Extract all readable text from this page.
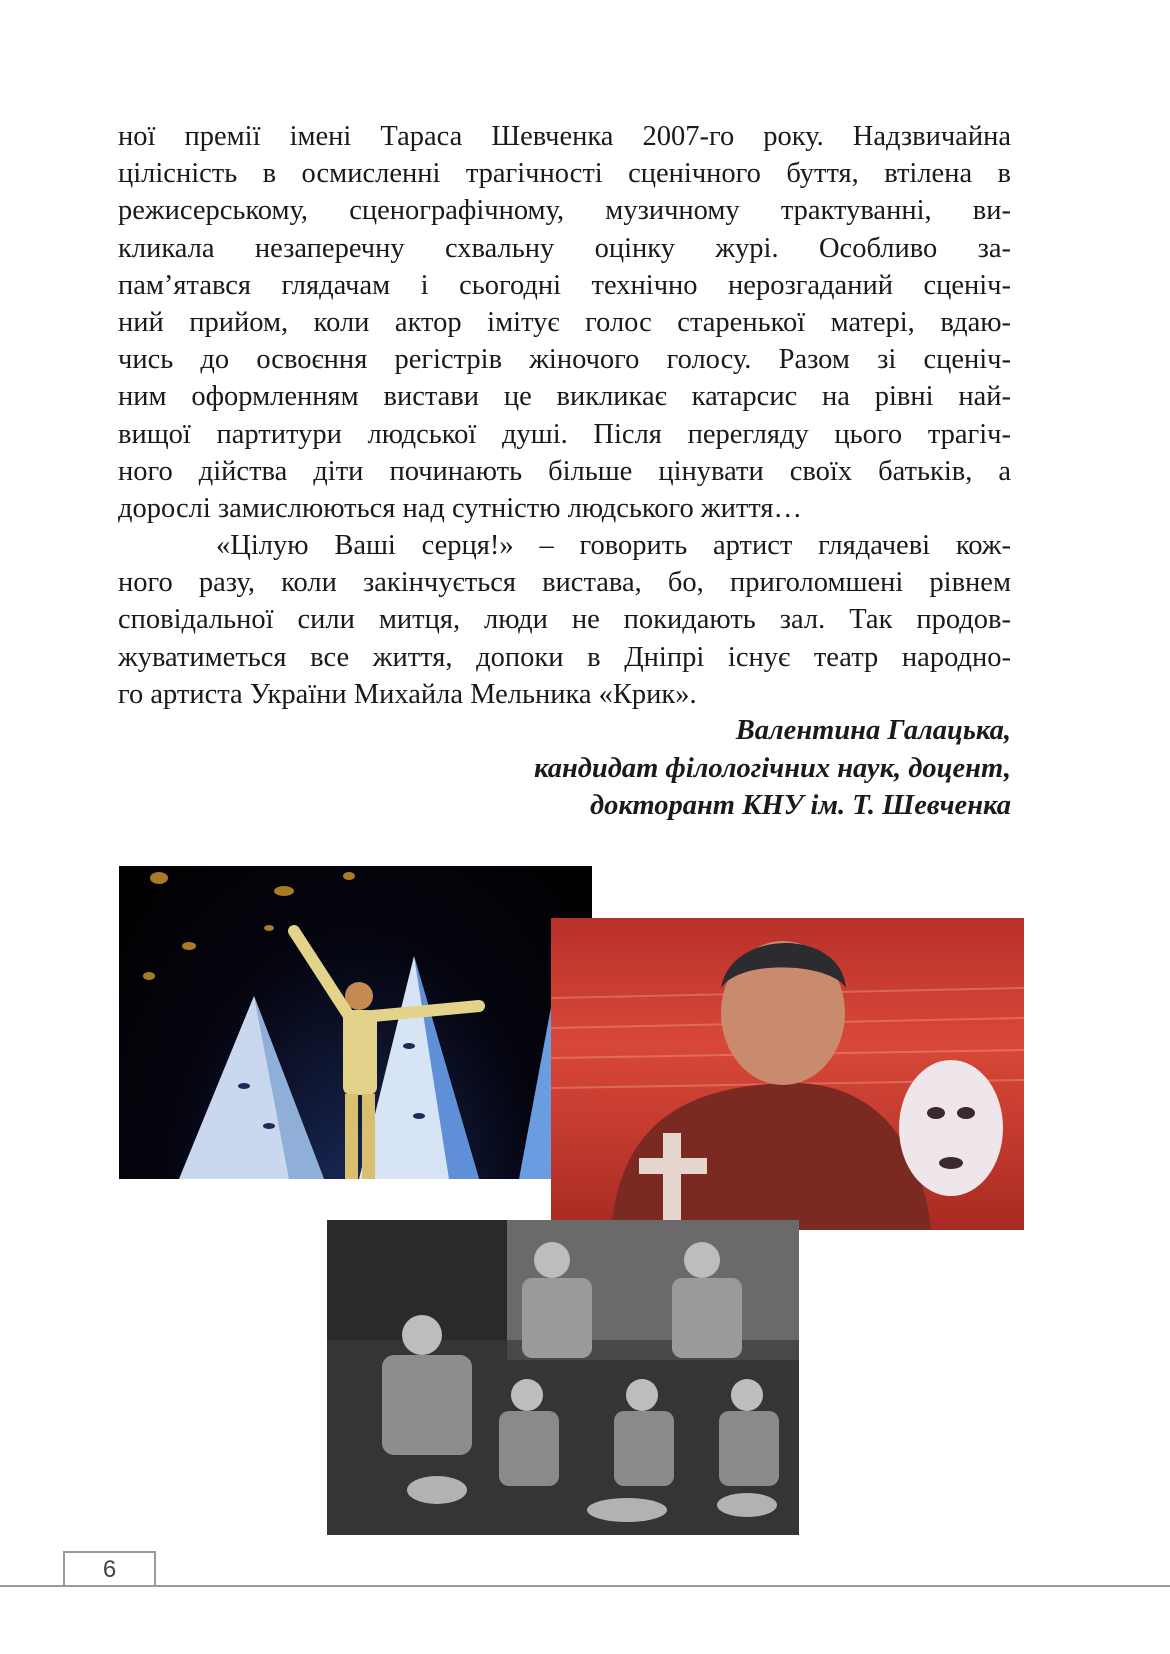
ної премії імені Тараса Шевченка 2007-го року. Надзвичайна
цілісність в осмисленні трагічності сценічного буття, втілена в
режисерському, сценографічному, музичному трактуванні, ви-
кликала незаперечну схвальну оцінку журі. Особливо за-
пам’ятався глядачам і сьогодні технічно нерозгаданий сценіч-
ний прийом, коли актор імітує голос старенької матері, вдаю-
чись до освоєння регістрів жіночого голосу. Разом зі сценіч-
ним оформленням вистави це викликає катарсис на рівні най-
вищої партитури людської душі. Після перегляду цього трагіч-
ного дійства діти починають більше цінувати своїх батьків, а
дорослі замислюються над сутністю людського життя…
«Цілую Ваші серця!» – говорить артист глядачеві кож-
ного разу, коли закінчується вистава, бо, приголомшені рівнем
сповідальної сили митця, люди не покидають зал. Так продов-
жуватиметься все життя, допоки в Дніпрі існує театр народно-
го артиста України Михайла Мельника «Крик».
Валентина Галацька,
кандидат філологічних наук, доцент,
докторант КНУ ім. Т. Шевченка
6
